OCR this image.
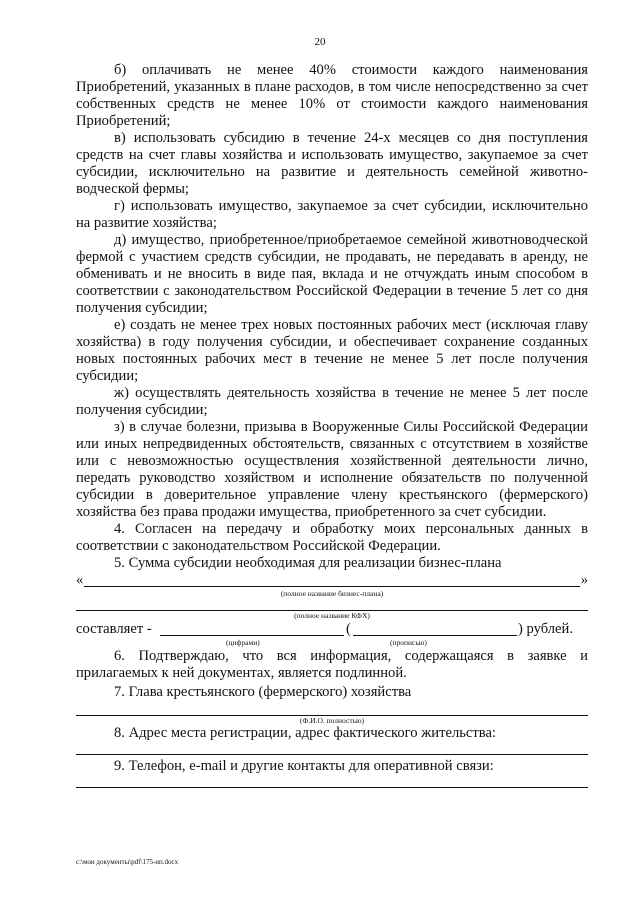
20

б) оплачивать не менее 40% стоимости каждого наименования Приобретений, указанных в плане расходов, в том числе непосредственно за счет собственных средств не менее 10% от стоимости каждого наименования Приобретений;

в) использовать субсидию в течение 24-х месяцев со дня поступления средств на счет главы хозяйства и использовать имущество, закупаемое за счет субсидии, исключительно на развитие и деятельность семейной животно-водческой фермы;

г) использовать имущество, закупаемое за счет субсидии, исключительно на развитие хозяйства;

д) имущество, приобретенное/приобретаемое семейной животноводческой фермой с участием средств субсидии, не продавать, не передавать в аренду, не обменивать и не вносить в виде пая, вклада и не отчуждать иным способом в соответствии с законодательством Российской Федерации в течение 5 лет со дня получения субсидии;

е) создать не менее трех новых постоянных рабочих мест (исключая главу хозяйства) в году получения субсидии, и обеспечивает сохранение созданных новых постоянных рабочих мест в течение не менее 5 лет после получения субсидии;

ж) осуществлять деятельность хозяйства в течение не менее 5 лет после получения субсидии;

з) в случае болезни, призыва в Вооруженные Силы Российской Федерации или иных непредвиденных обстоятельств, связанных с отсутствием в хозяйстве или с невозможностью осуществления хозяйственной деятельности лично, передать руководство хозяйством и исполнение обязательств по полученной субсидии в доверительное управление члену крестьянского (фермерского) хозяйства без права продажи имущества, приобретенного за счет субсидии.

4. Согласен на передачу и обработку моих персональных данных в соответствии с законодательством Российской Федерации.

5. Сумма субсидии необходимая для реализации бизнес-плана

«	»
(полное название бизнес-плана)
(полное название КФХ)
составляет -	(	) рублей.
(цифрами)	(прописью)

6. Подтверждаю, что вся информация, содержащаяся в заявке и прилагаемых к ней документах, является подлинной.

7. Глава крестьянского (фермерского) хозяйства

(Ф.И.О. полностью)

8. Адрес места регистрации, адрес фактического жительства:

9. Телефон, e-mail и другие контакты для оперативной связи:

c:\мои документы\pdf\175-ип.docx
